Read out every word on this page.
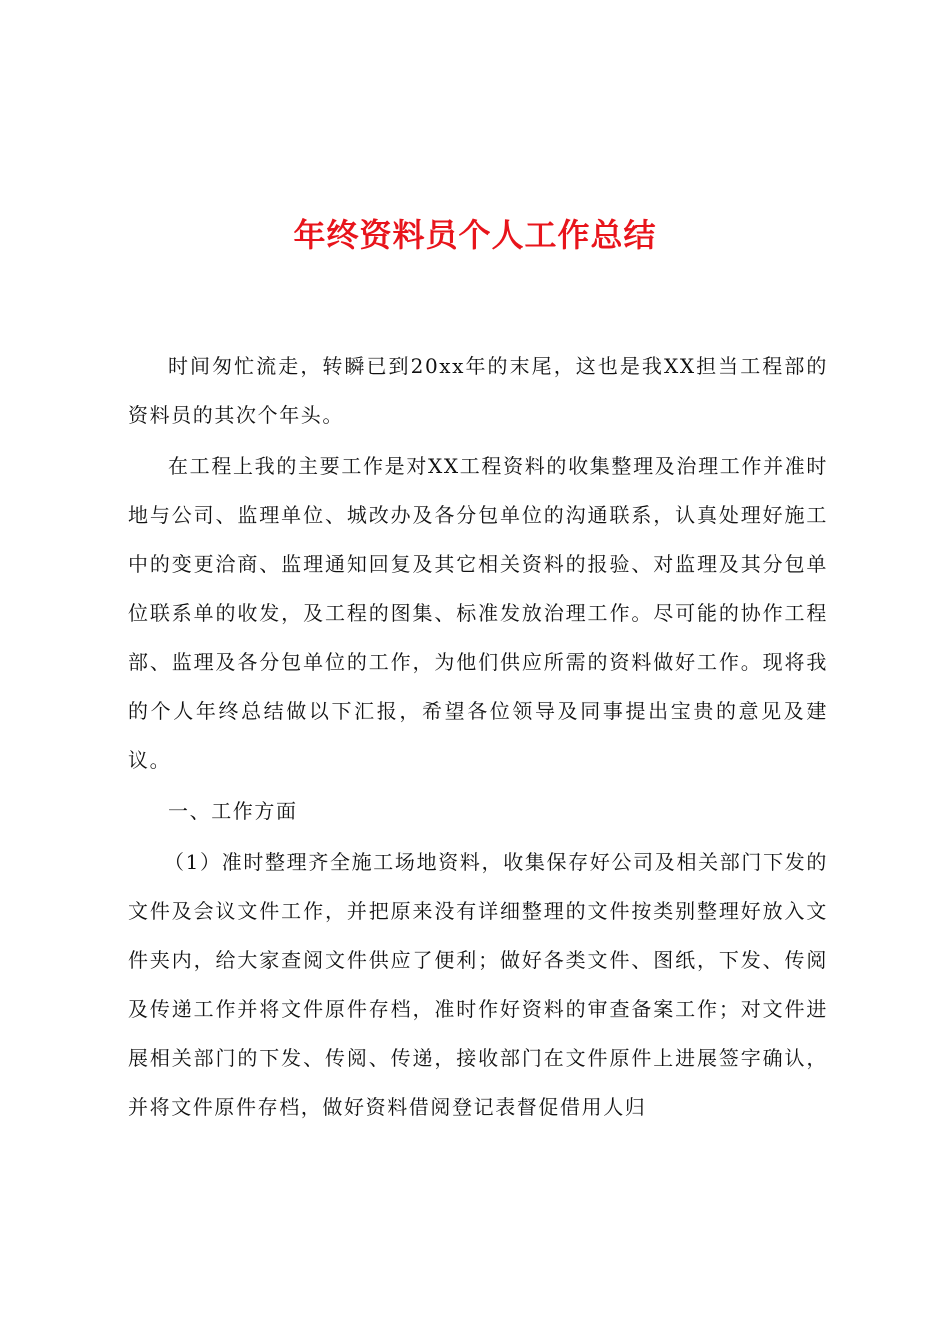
年终资料员个人工作总结

时间匆忙流走，转瞬已到20xx年的末尾，这也是我XX担当工程部的资料员的其次个年头。

在工程上我的主要工作是对XX工程资料的收集整理及治理工作并准时地与公司、监理单位、城改办及各分包单位的沟通联系，认真处理好施工中的变更洽商、监理通知回复及其它相关资料的报验、对监理及其分包单位联系单的收发，及工程的图集、标准发放治理工作。尽可能的协作工程部、监理及各分包单位的工作，为他们供应所需的资料做好工作。现将我的个人年终总结做以下汇报，希望各位领导及同事提出宝贵的意见及建议。

一、工作方面

（1）准时整理齐全施工场地资料，收集保存好公司及相关部门下发的文件及会议文件工作，并把原来没有详细整理的文件按类别整理好放入文件夹内，给大家查阅文件供应了便利；做好各类文件、图纸，下发、传阅及传递工作并将文件原件存档，准时作好资料的审查备案工作；对文件进展相关部门的下发、传阅、传递，接收部门在文件原件上进展签字确认，并将文件原件存档，做好资料借阅登记表督促借用人归
